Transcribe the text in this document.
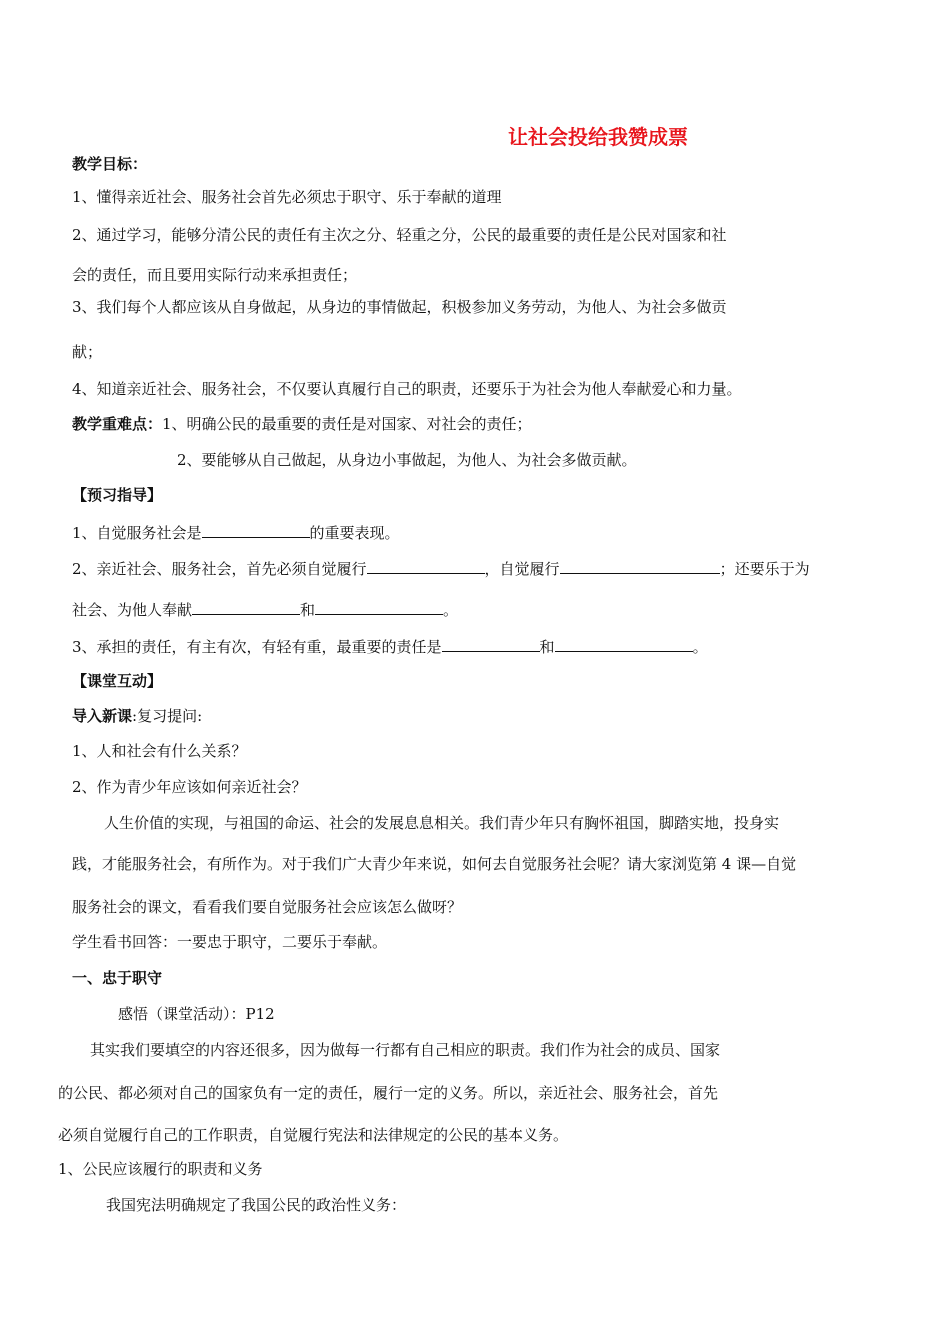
让社会投给我赞成票
教学目标：
1、懂得亲近社会、服务社会首先必须忠于职守、乐于奉献的道理
2、通过学习，能够分清公民的责任有主次之分、轻重之分，公民的最重要的责任是公民对国家和社
会的责任，而且要用实际行动来承担责任；
3、我们每个人都应该从自身做起，从身边的事情做起，积极参加义务劳动，为他人、为社会多做贡
献；
4、知道亲近社会、服务社会，不仅要认真履行自己的职责，还要乐于为社会为他人奉献爱心和力量。
教学重难点：1、明确公民的最重要的责任是对国家、对社会的责任；
2、要能够从自己做起，从身边小事做起，为他人、为社会多做贡献。
【预习指导】
1、自觉服务社会是	的重要表现。
2、亲近社会、服务社会，首先必须自觉履行	，自觉履行	；还要乐于为
社会、为他人奉献	和	。
3、承担的责任，有主有次，有轻有重，最重要的责任是	和	。
【课堂互动】
导入新课:复习提问:
1、人和社会有什么关系？
2、作为青少年应该如何亲近社会？
人生价值的实现，与祖国的命运、社会的发展息息相关。我们青少年只有胸怀祖国，脚踏实地，投身实
践，才能服务社会，有所作为。对于我们广大青少年来说，如何去自觉服务社会呢？请大家浏览第 4 课—自觉
服务社会的课文，看看我们要自觉服务社会应该怎么做呀？
学生看书回答：一要忠于职守，二要乐于奉献。
一、忠于职守
感悟（课堂活动）：P12
其实我们要填空的内容还很多，因为做每一行都有自己相应的职责。我们作为社会的成员、国家
的公民、都必须对自己的国家负有一定的责任，履行一定的义务。所以，亲近社会、服务社会，首先
必须自觉履行自己的工作职责，自觉履行宪法和法律规定的公民的基本义务。
1、公民应该履行的职责和义务
我国宪法明确规定了我国公民的政治性义务：
